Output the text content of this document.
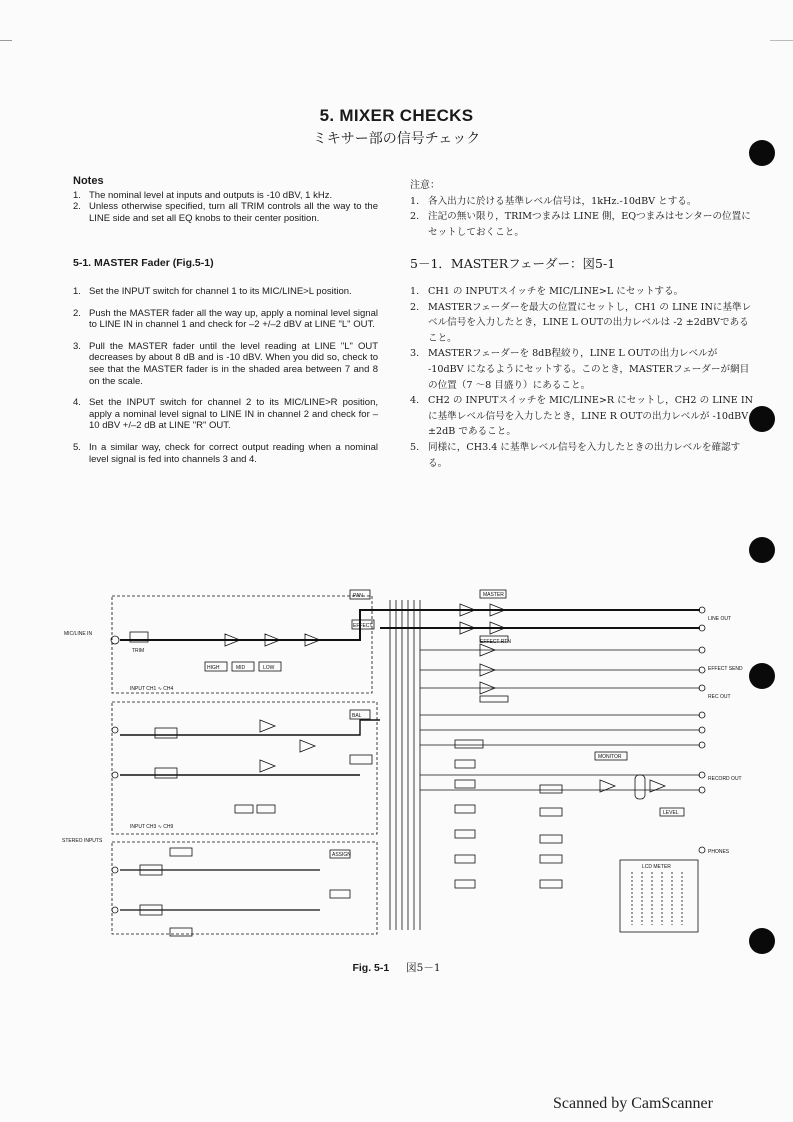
5. MIXER CHECKS
ミキサー部の信号チェック

Notes

1. The nominal level at inputs and outputs is -10 dBV, 1 kHz.
2. Unless otherwise specified, turn all TRIM controls all the way to the LINE side and set all EQ knobs to their center position.

5-1. MASTER Fader (Fig.5-1)

1. Set the INPUT switch for channel 1 to its MIC/LINE>L position.
2. Push the MASTER fader all the way up, apply a nominal level signal to LINE IN in channel 1 and check for –2 +/–2 dBV at LINE "L" OUT.
3. Pull the MASTER fader until the level reading at LINE "L" OUT decreases by about 8 dB and is -10 dBV. When you did so, check to see that the MASTER fader is in the shaded area between 7 and 8 on the scale.
4. Set the INPUT switch for channel 2 to its MIC/LINE>R position, apply a nominal level signal to LINE IN in channel 2 and check for –10 dBV +/–2 dB at LINE "R" OUT.
5. In a similar way, check for correct output reading when a nominal level signal is fed into channels 3 and 4.

注意：

1. 各入出力に於ける基準レベル信号は，1kHz.-10dBV とする。
2. 注記の無い限り，TRIMつまみは LINE 側，EQつまみはセンターの位置にセットしておくこと。

5－1．MASTERフェーダー：図5-1

1. CH1 の INPUTスイッチを MIC/LINE>L にセットする。
2. MASTERフェーダーを最大の位置にセットし，CH1 の LINE INに基準レベル信号を入力したとき，LINE L OUTの出力レベルは -2 ±2dBVであること。
3. MASTERフェーダーを 8dB程絞り，LINE L OUTの出力レベルが -10dBV になるようにセットする。このとき，MASTERフェーダーが網目の位置（7 ～8 目盛り）にあること。
4. CH2 の INPUTスイッチを MIC/LINE>R にセットし，CH2 の LINE IN に基準レベル信号を入力したとき，LINE R OUTの出力レベルが -10dBV ±2dB であること。
5. 同様に，CH3.4 に基準レベル信号を入力したときの出力レベルを確認する。
INPUT CH1 ∿ CH4
INPUT CH3 ∿ CH9
MIC/LINE IN
TRIM
HIGH	MID	LOW
PAN
EFFECT
EFFECT RTN
MASTER
BAL
MONITOR
LEVEL
ASSIGN	PHONES
LCD METER
STEREO INPUTS
LINE OUT
EFFECT SEND
REC OUT
RECORD OUT
Fig. 5-1 図5－1
Scanned by CamScanner
